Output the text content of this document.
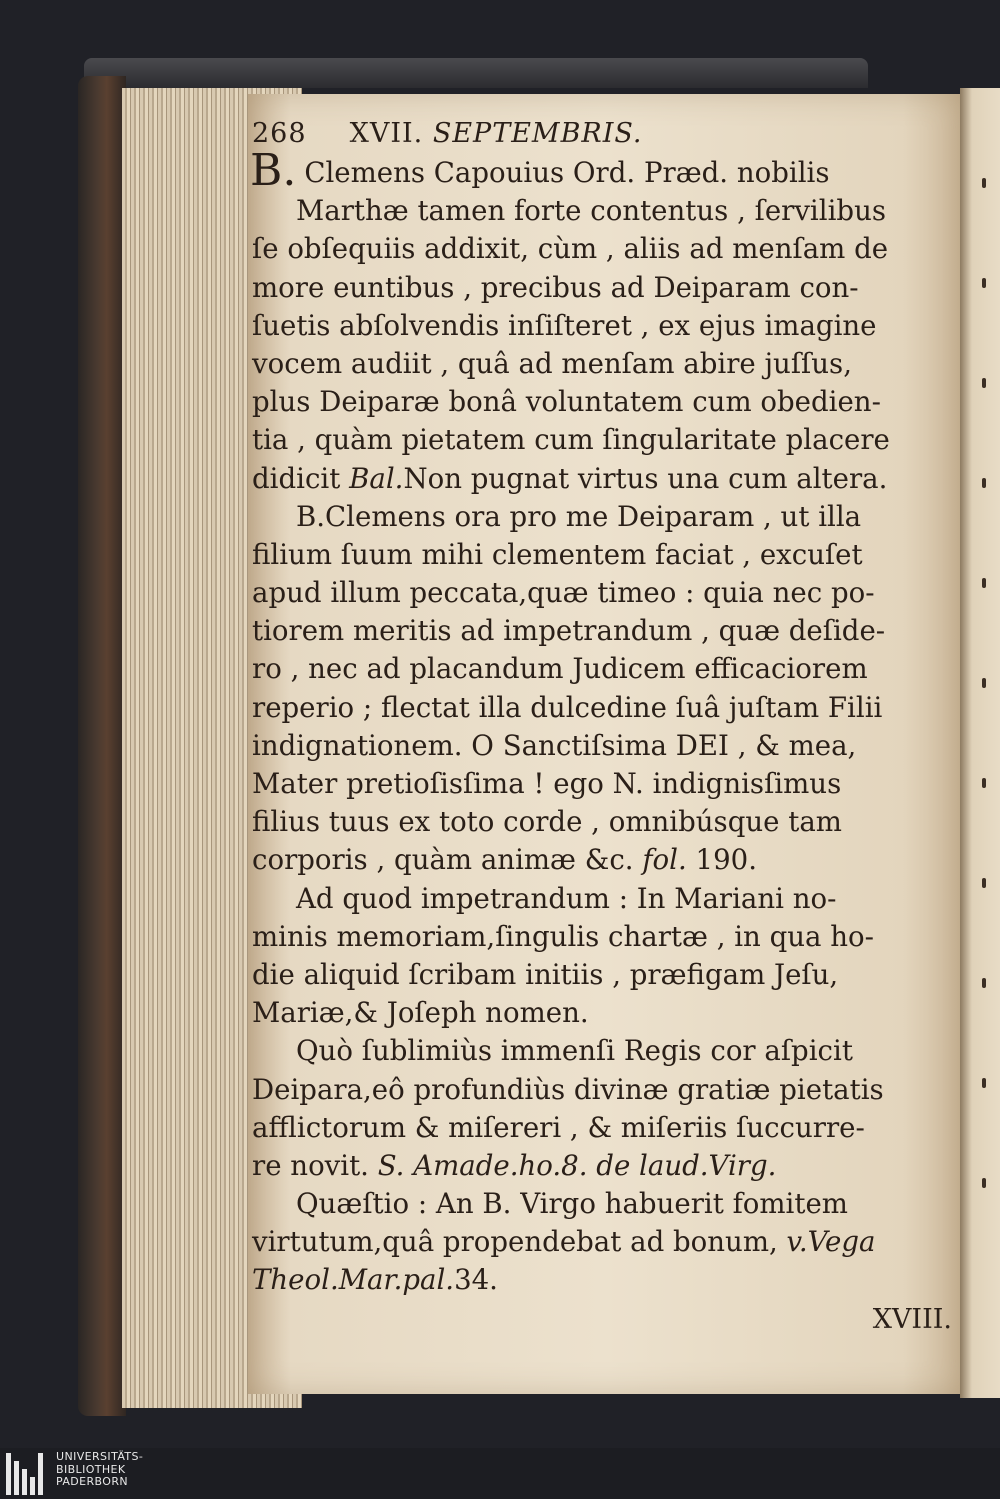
268 XVII. SEPTEMBRIS.
B. Clemens Capouius Ord. Præd. nobilis
Marthæ tamen forte contentus , ſervilibus
ſe obſequiis addixit, cùm , aliis ad menſam de
more euntibus , precibus ad Deiparam con-
ſuetis abſolvendis inſiſteret , ex ejus imagine
vocem audiit , quâ ad menſam abire juſſus,
plus Deiparæ bonâ voluntatem cum obedien-
tia , quàm pietatem cum ſingularitate placere
didicit Bal.Non pugnat virtus una cum altera.
B.Clemens ora pro me Deiparam , ut illa
filium ſuum mihi clementem faciat , excuſet
apud illum peccata,quæ timeo : quia nec po-
tiorem meritis ad impetrandum , quæ deſide-
ro , nec ad placandum Judicem efficaciorem
reperio ; flectat illa dulcedine ſuâ juſtam Filii
indignationem. O Sanctiſsima DEI , & mea,
Mater pretioſisſima ! ego N. indignisſimus
filius tuus ex toto corde , omnibúsque tam
corporis , quàm animæ &c. fol. 190.
Ad quod impetrandum : In Mariani no-
minis memoriam,ſingulis chartæ , in qua ho-
die aliquid ſcribam initiis , præfigam Jeſu,
Mariæ,& Joſeph nomen.
Quò ſublimiùs immenſi Regis cor aſpicit
Deipara,eô profundiùs divinæ gratiæ pietatis
afflictorum & miſereri , & miſeriis ſuccurre-
re novit. S. Amade.ho.8. de laud.Virg.
Quæſtio : An B. Virgo habuerit fomitem
virtutum,quâ propendebat ad bonum, v.Vega
Theol.Mar.pal.34.
XVIII.
UNIVERSITÄTS-
BIBLIOTHEK
PADERBORN
